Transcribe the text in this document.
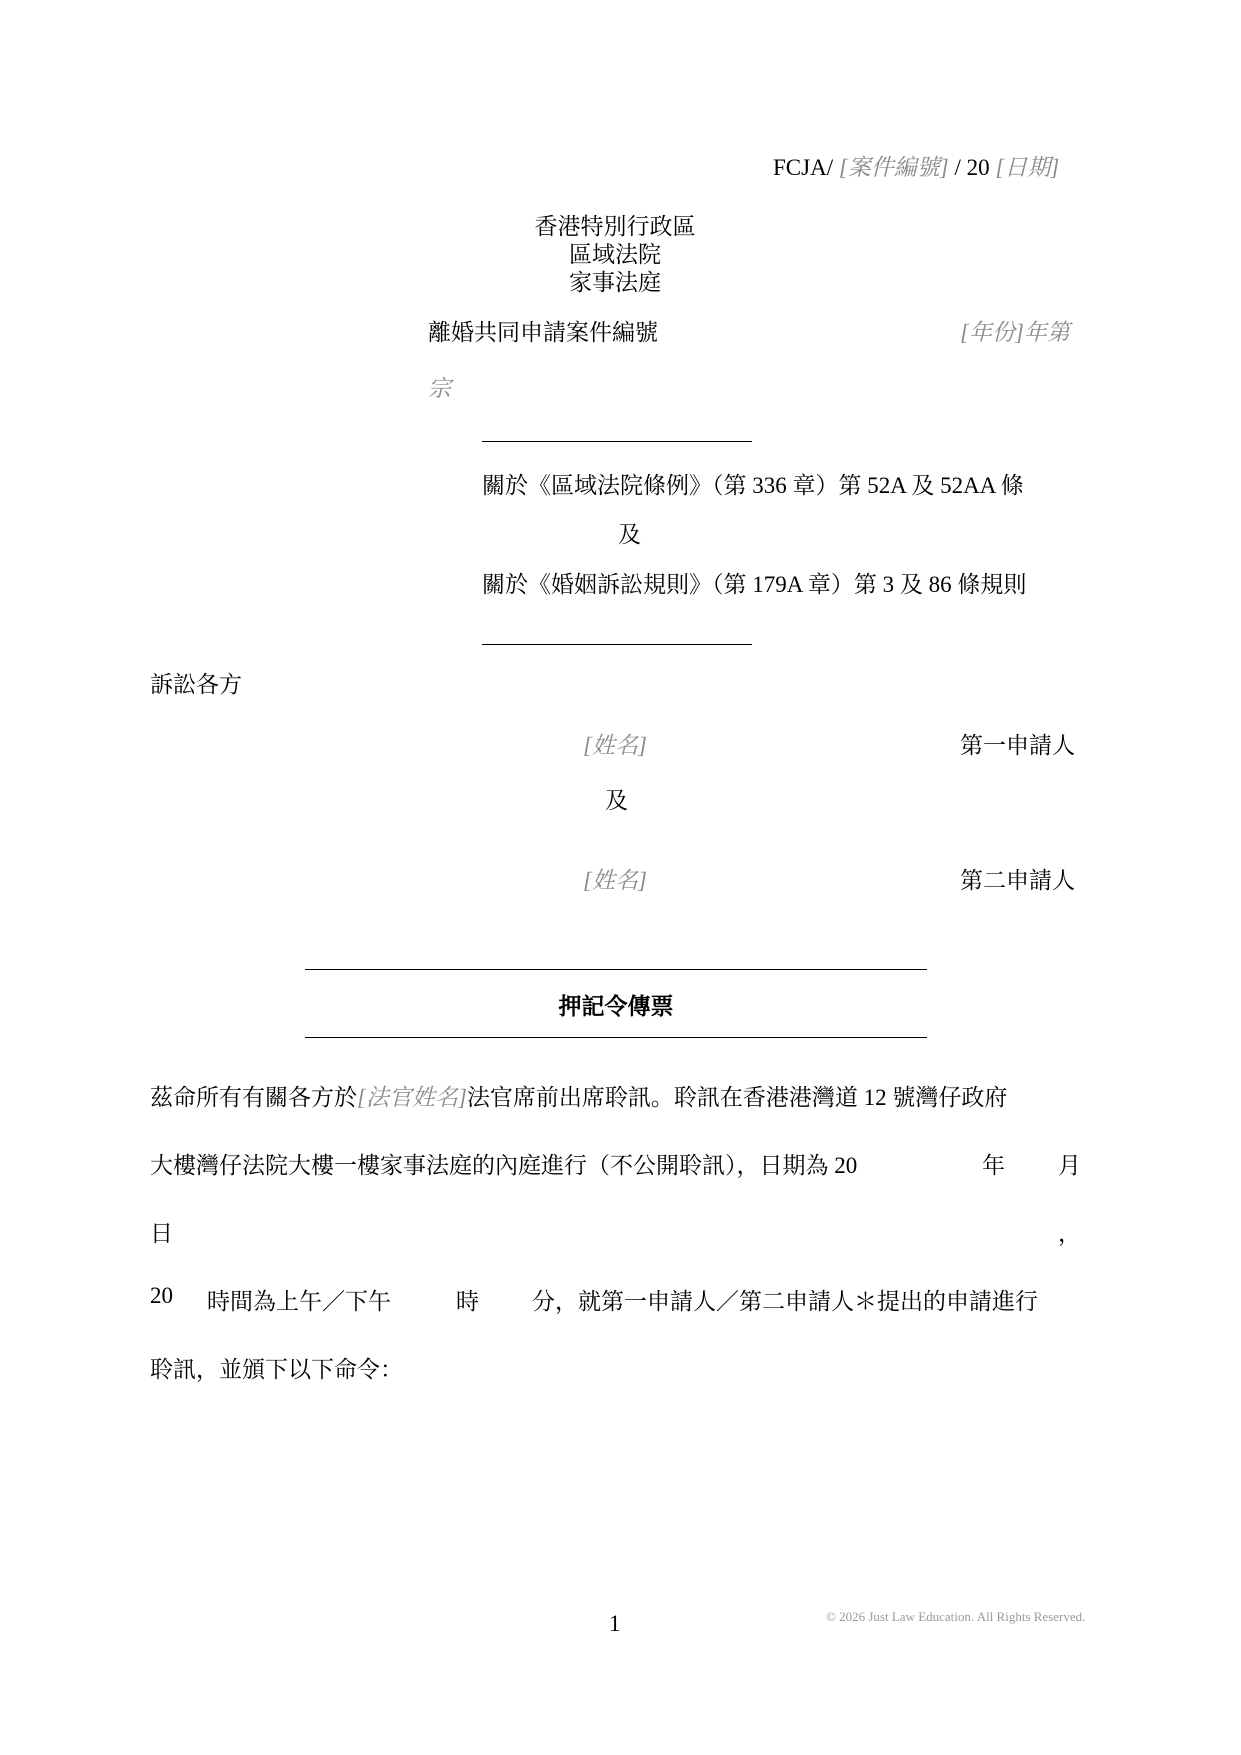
FCJA/ [案件編號] / 20 [日期]
香港特別行政區
區域法院
家事法庭
離婚共同申請案件編號	[年份]年第
宗
關於《區域法院條例》（第 336 章）第 52A 及 52AA 條
及
關於《婚姻訴訟規則》（第 179A 章）第 3 及 86 條規則
訴訟各方
[姓名]	第一申請人
及
[姓名]	第二申請人
押記令傳票
茲命所有有關各方於[法官姓名]法官席前出席聆訊。聆訊在香港港灣道 12 號灣仔政府
大樓灣仔法院大樓一樓家事法庭的內庭進行（不公開聆訊），日期為 20	年 月
日	，
20 時間為上午／下午	時 分，就第一申請人／第二申請人＊提出的申請進行
聆訊，並頒下以下命令：
1	© 2026 Just Law Education. All Rights Reserved.
